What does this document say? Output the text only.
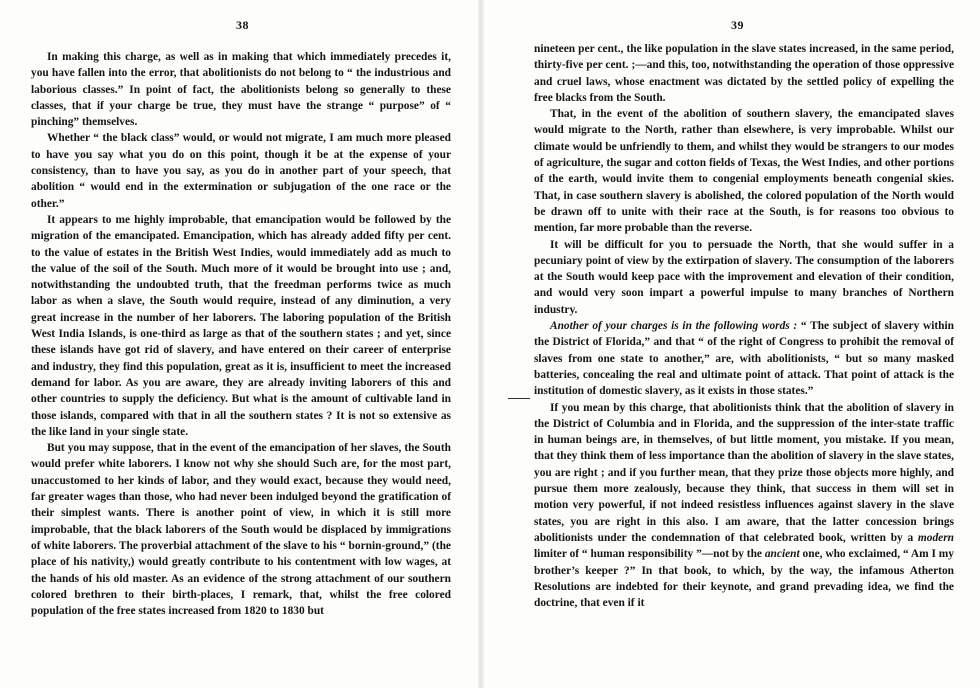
38

In making this charge, as well as in making that which immediately precedes it, you have fallen into the error, that abolitionists do not belong to “ the industrious and laborious classes.” In point of fact, the abolitionists belong so generally to these classes, that if your charge be true, they must have the strange “ purpose” of “ pinching” themselves.

Whether “ the black class” would, or would not migrate, I am much more pleased to have you say what you do on this point, though it be at the expense of your consistency, than to have you say, as you do in another part of your speech, that abolition “ would end in the extermination or subjugation of the one race or the other.”

It appears to me highly improbable, that emancipation would be followed by the migration of the emancipated. Emancipation, which has already added fifty per cent. to the value of estates in the British West Indies, would immediately add as much to the value of the soil of the South. Much more of it would be brought into use ; and, notwithstanding the undoubted truth, that the freedman performs twice as much labor as when a slave, the South would require, instead of any diminution, a very great increase in the number of her laborers. The laboring population of the British West India Islands, is one-third as large as that of the southern states ; and yet, since these islands have got rid of slavery, and have entered on their career of enterprise and industry, they find this population, great as it is, insufficient to meet the increased demand for labor. As you are aware, they are already inviting laborers of this and other countries to supply the deficiency. But what is the amount of cultivable land in those islands, compared with that in all the southern states ? It is not so extensive as the like land in your single state.

But you may suppose, that in the event of the emancipation of her slaves, the South would prefer white laborers. I know not why she should Such are, for the most part, unaccustomed to her kinds of labor, and they would exact, because they would need, far greater wages than those, who had never been indulged beyond the gratification of their simplest wants. There is another point of view, in which it is still more improbable, that the black laborers of the South would be displaced by immigrations of white laborers. The proverbial attachment of the slave to his “ bornin-ground,” (the place of his nativity,) would greatly contribute to his contentment with low wages, at the hands of his old master. As an evidence of the strong attachment of our southern colored brethren to their birth-places, I remark, that, whilst the free colored population of the free states increased from 1820 to 1830 but

39

nineteen per cent., the like population in the slave states increased, in the same period, thirty-five per cent. ;—and this, too, notwithstanding the operation of those oppressive and cruel laws, whose enactment was dictated by the settled policy of expelling the free blacks from the South.

That, in the event of the abolition of southern slavery, the emancipated slaves would migrate to the North, rather than elsewhere, is very improbable. Whilst our climate would be unfriendly to them, and whilst they would be strangers to our modes of agriculture, the sugar and cotton fields of Texas, the West Indies, and other portions of the earth, would invite them to congenial employments beneath congenial skies. That, in case southern slavery is abolished, the colored population of the North would be drawn off to unite with their race at the South, is for reasons too obvious to mention, far more probable than the reverse.

It will be difficult for you to persuade the North, that she would suffer in a pecuniary point of view by the extirpation of slavery. The consumption of the laborers at the South would keep pace with the improvement and elevation of their condition, and would very soon impart a powerful impulse to many branches of Northern industry.

Another of your charges is in the following words : “ The subject of slavery within the District of Florida,” and that “ of the right of Congress to prohibit the removal of slaves from one state to another,” are, with abolitionists, “ but so many masked batteries, concealing the real and ultimate point of attack. That point of attack is the institution of domestic slavery, as it exists in those states.”

If you mean by this charge, that abolitionists think that the abolition of slavery in the District of Columbia and in Florida, and the suppression of the inter-state traffic in human beings are, in themselves, of but little moment, you mistake. If you mean, that they think them of less importance than the abolition of slavery in the slave states, you are right ; and if you further mean, that they prize those objects more highly, and pursue them more zealously, because they think, that success in them will set in motion very powerful, if not indeed resistless influences against slavery in the slave states, you are right in this also. I am aware, that the latter concession brings abolitionists under the condemnation of that celebrated book, written by a modern limiter of “ human responsibility ”—not by the ancient one, who exclaimed, “ Am I my brother’s keeper ?” In that book, to which, by the way, the infamous Atherton Resolutions are indebted for their keynote, and grand prevading idea, we find the doctrine, that even if it
